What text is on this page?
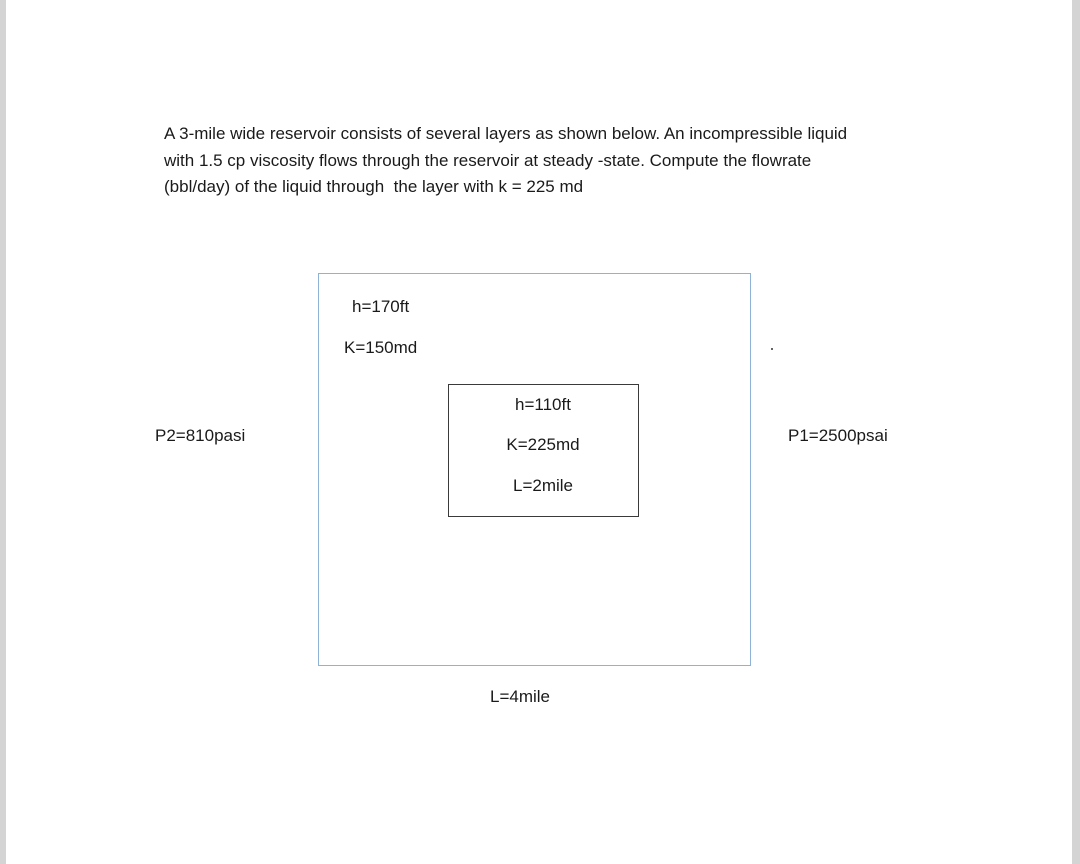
A 3-mile wide reservoir consists of several layers as shown below. An incompressible liquid
with 1.5 cp viscosity flows through the reservoir at steady -state. Compute the flowrate
(bbl/day) of the liquid through  the layer with k = 225 md

h=170ft
K=150md
h=110ft
K=225md
L=2mile
P2=810pasi	P1=2500psai
L=4mile
